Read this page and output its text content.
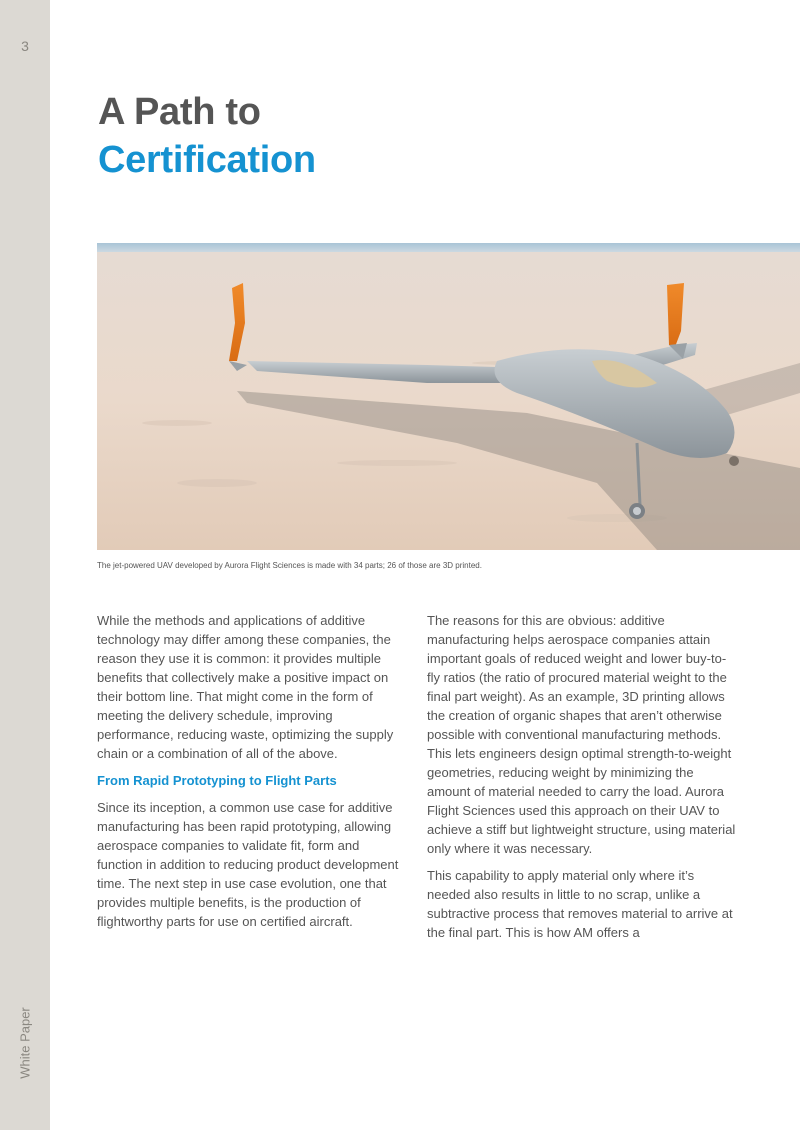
3
White Paper
A Path to
Certification
The jet-powered UAV developed by Aurora Flight Sciences is made with 34 parts; 26 of those are 3D printed.

While the methods and applications of additive technology may differ among these companies, the reason they use it is common: it provides multiple benefits that collectively make a positive impact on their bottom line. That might come in the form of meeting the delivery schedule, improving performance, reducing waste, optimizing the supply chain or a combination of all of the above.

From Rapid Prototyping to Flight Parts

Since its inception, a common use case for additive manufacturing has been rapid prototyping, allowing aerospace companies to validate fit, form and function in addition to reducing product development time. The next step in use case evolution, one that provides multiple benefits, is the production of flightworthy parts for use on certified aircraft.

The reasons for this are obvious: additive manufacturing helps aerospace companies attain important goals of reduced weight and lower buy-to-fly ratios (the ratio of procured material weight to the final part weight). As an example, 3D printing allows the creation of organic shapes that aren’t otherwise possible with conventional manufacturing methods. This lets engineers design optimal strength-to-weight geometries, reducing weight by minimizing the amount of material needed to carry the load. Aurora Flight Sciences used this approach on their UAV to achieve a stiff but lightweight structure, using material only where it was necessary.

This capability to apply material only where it’s needed also results in little to no scrap, unlike a subtractive process that removes material to arrive at the final part. This is how AM offers a
